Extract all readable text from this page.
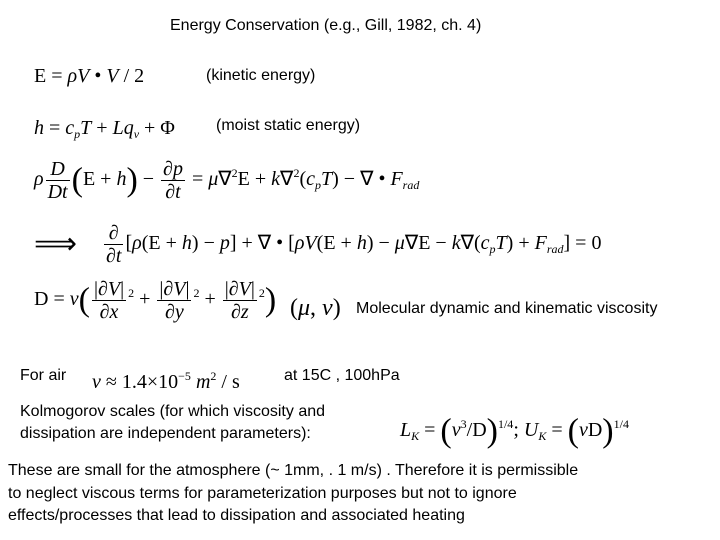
Energy Conservation (e.g., Gill, 1982, ch. 4)
E = ρV • V / 2	(kinetic energy)
$h = c_pT + Lq_v + \Phi$	(moist static energy)
ρ $\frac{D}{Dt} (E + h) - \frac{\partial p}{\partial t} = \mu\nabla^2E + k\nabla^2(c_pT)$ − ∇ • $F_{rad}$
⟹ $\frac{\partial}{\partial t} [\rho(E + h) - p]$ + ∇ • $[\rho V(E + h) - \mu\nabla E - k\nabla(c_pT) + F_{rad}] = 0$
$D = \nu( \frac{|\partial V|}{\partial x} ^2 + \frac{|\partial V|}{\partial y} ^2 + \frac{|\partial V|}{\partial z} ^2)$ (μ, ν) Molecular dynamic and kinematic viscosity
For air $\nu \approx 1.4\times 10^{-5}$ $m^2$ / s	at 15C , 100hPa
Kolmogorov scales (for which viscosity and
dissipation are independent parameters):	$L_K = (\nu^3/D)^{1/4}$; $U_K = (\nu D)^{1/4}$
These are small for the atmosphere (~ 1mm, . 1 m/s) . Therefore it is permissible
to neglect viscous terms for parameterization purposes but not to ignore
effects/processes that lead to dissipation and associated heating
